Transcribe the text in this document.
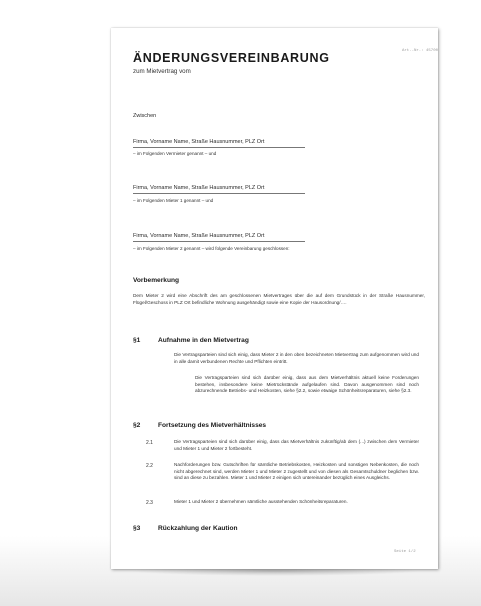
Art.-Nr.: 45700
ÄNDERUNGSVEREINBARUNG
zum Mietvertrag vom
Zwischen
Firma, Vorname Name, Straße Hausnummer, PLZ Ort
– im Folgenden Vermieter genannt – und
Firma, Vorname Name, Straße Hausnummer, PLZ Ort
– im Folgenden Mieter 1 genannt – und
Firma, Vorname Name, Straße Hausnummer, PLZ Ort
– im Folgenden Mieter 2 genannt – wird folgende Vereinbarung geschlossen:
Vorbemerkung
Dem Mieter 2 wird eine Abschrift des am geschlossenen Mietvertrages über die auf dem Grundstück in der Straße Hausnummer, Flügel/Geschoss in PLZ Ort befindliche Wohnung ausgehändigt sowie eine Kopie der Hausordnung/….
§1	Aufnahme in den Mietvertrag
Die Vertragsparteien sind sich einig, dass Mieter 2 in den oben bezeichneten Mietvertrag zum aufgenommen wird und in alle damit verbundenen Rechte und Pflichten eintritt.
Die Vertragsparteien sind sich darüber einig, dass aus dem Mietverhältnis aktuell keine Forderungen bestehen, insbesondere keine Mietrückstände aufgelaufen sind. Davon ausgenommen sind noch abzurechnende Betriebs- und Heizkosten, siehe §2.2, sowie etwaige Schönheitsreparaturen, siehe §2.3.
§2	Fortsetzung des Mietverhältnisses
2.1	Die Vertragsparteien sind sich darüber einig, dass das Mietverhältnis zukünftig/ab dem (...) zwischen dem Vermieter und Mieter 1 und Mieter 2 fortbesteht.
2.2	Nachforderungen bzw. Gutschriften für sämtliche Betriebskosten, Heizkosten und sonstigen Nebenkosten, die noch nicht abgerechnet sind, werden Mieter 1 und Mieter 2 zugestellt und von diesen als Gesamtschuldner beglichen bzw. sind an diese zu bezahlen. Mieter 1 und Mieter 2 einigen sich untereinander bezüglich eines Ausgleichs.
2.3	Mieter 1 und Mieter 2 übernehmen sämtliche ausstehenden Schönheitsreparaturen.
§3	Rückzahlung der Kaution
Seite 1/2
